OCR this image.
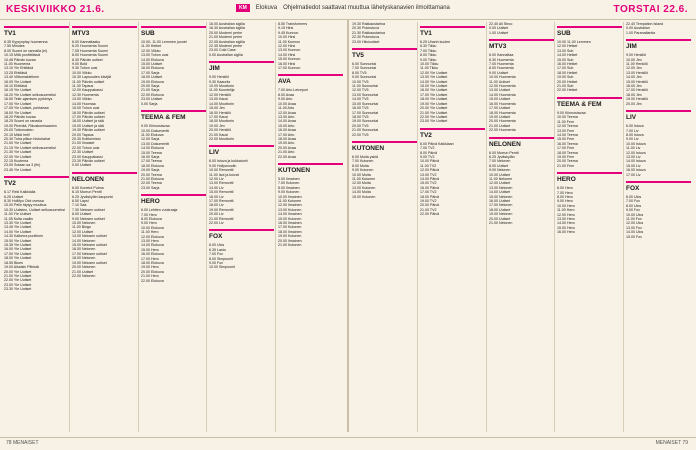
KESKIVIIKKO 21.6.	KM	Elokuva Ohjelmatiedot saattavat muuttua lähetyskanavien ilmoittamana	TORSTAI 22.6.
TV1
6.35 Kyyrynplay huomenna
7.55 Minutes
8.00 Suomi on rannalla (ei)
10.15 Mitä ponttitöissä
10.48 Päivän kuvaa
11.00 Huomenta
13.10 Yle Ehtitäsä
13.25 Ehtitäsä
13.40 Viittomakielinen
16.05 Yle Uutiset
16.10 Ehtitäsä
16.15 Yle Uutiset
16.20 Yle Uutiset selkosuomeksi
16.50 Tekir-ajamisen pyrkimys
17.00 Yle Uutiset
17.05 Yle Uutiset, puhtaissa
18.00 Yle Uutiset
18.20 Päivän kuvaa
18.25 Suomi on ranasla
19.00 Pirenää, Rikoskomisaarion
20.00 Tottumusten
20.15 Mikki heti!
20.30 Tuha pilkun historiahat
21.00 Yle Uutiset
21.15 Yle Uutiset selkosuomeksi
21.30 Yle Uutiset
22.00 Yle Uutiset
22.15 Kuolema
23.00 Sotaan sa 3 (fin)
23.45 Yle Uutiset
TV2
6.17 Reki Kaikkialla
6.25 Uutiset
8.30 Hollifyo Olot ovessa
10.00 Pelin täytyy muuttua
10.30 Uutisten, Uutiset selkosuomeksi
11.00 Yle Uutiset
11.05 Kulta vaaliin
13.30 Yle Uutiset
13.45 Yle Uutiset
14.00 Yle Uutiset
14.30 Kalkerra puuttinen
15.00 Yle Uutiset
15.35 Yle Uutiset
16.00 Yle Uutiset
17.00 Yle Uutiset
18.00 Yle Uutiset
18.55 Blues
19.00 Aikaisin Pitkistä
20.00 Yle Uutiset
21.00 Yle Uutiset
22.00 Yle Uutiset
23.00 Yle Uutiset
23.30 Yle Uutiset
MTV3
6.00 Kannattaako
6.20 Huomenta Suomi
7.05 Huomenta Suomi
8.00 Huomenta Suomi
8.30 Päivän uutiset
9.00 Bold
9.30 Tohon uusi
10.00 Viikko
10.30 Lapsuuden kävijät
11.00 Päivän uutiset
11.30 Tapaus
12.00 Kauppakassi
12.30 Huomenta
13.00 Viikko
14.00 Huomaa
15.00 Tohon uusi
16.00 Päivän uutiset
17.00 Päivän uutiset
18.00 Uutiset ja sää
19.00 Uutiset ja sää
19.30 Päivän uutiset
20.00 Tapaus
20.30 Kotitoimisto
21.00 Ilmaiset
22.00 Tohon uusi
22.30 Uutiset
23.00 Kauppakassi
23.30 Päivän uutiset
0.00 Uutiset
NELONEN
6.00 Konetut Pulma
6.15 Murrun Pentti
6.25 Jyväskylän kaupunki
6.50 Lapsi
7.10 Saa
7.30 Nelosen uutiset
8.00 Uutiset
9.00 Nelosen uutiset
10.00 Nelonen
11.00 Bingo
12.00 Uutiset
13.00 Nelosen uutiset
14.00 Nelonen
15.00 Nelosen uutiset
16.00 Nelonen
17.00 Nelosen uutiset
18.00 Nelonen
19.00 Nelosen uutiset
20.00 Nelonen
21.00 Uutiset
22.00 Nelonen
SUB
10.00- 11.00 Lemmen juonet
11.00 Hetket
12.00 Viikko
13.00 Tohon uusi
14.00 Elokuva
15.00 Uutiset
16.00 Elokuva
17.00 Sarja
18.00 Uutiset
19.00 Elokuva
20.00 Sarja
21.00 Sarja
22.00 Elokuva
23.00 Uutiset
0.00 Sarja
TEEMA & FEM
9.00 Kiinnostavaa
10.00 Dokumentti
11.00 Elokuva
12.00 Sarja
13.00 Dokumentti
14.00 Elokuva
15.00 Teema
16.00 Sarja
17.00 Teema
18.00 Elokuva
19.00 Sarja
20.00 Teema
21.00 Elokuva
22.00 Teema
23.00 Sarja
HERO
6.00 Lehtien vuokraaja
7.00 Hero
8.00 Elokuva
9.00 Hero
10.00 Elokuva
11.00 Hero
12.00 Elokuva
13.00 Hero
14.00 Elokuva
15.00 Hero
16.00 Elokuva
17.00 Hero
18.00 Elokuva
19.00 Hero
20.00 Elokuva
21.00 Hero
22.00 Elokuva
16.00 Australian sigilia
16.30 Australian sigilia
20.00 Moderni perhe
21.00 Moderni perhe
22.05 Australian sigilia
22.35 Moderni perhe
23.00 Cold Case
0.00 Australian sigilia
JIM
9.00 Henkilö
9.30 Kaaurlia
10.00 Moottorin
11.00 Kuuntelija
12.00 Henkilö
13.00 Kausi
14.00 Moottorin
15.00 Jim
16.00 Henkilö
17.00 Kausi
18.00 Moottorin
19.00 Jim
20.00 Henkilö
21.00 Kausi
22.00 Moottorin
LIV
6.00 Istuva ja kukkaturhi
9.00 Hollywoodin
10.00 Remontti
11.00 Isot ja kuivat
12.00 Liv
13.00 Remontti
14.00 Liv
15.00 Remontti
16.00 Liv
17.00 Remontti
18.00 Liv
19.00 Remontti
20.00 Liv
21.00 Remontti
22.00 Liv
FOX
6.00 Ulos
6.35 Lastu
7.00 Fox
8.00 Simpsonit
9.00 Fox
10.00 Simpsonit
8.50 Transformers
9.15 Hirsi
9.45 Kunnon
10.00 Hirsi
11.00 Kunnon
12.00 Hirsi
13.00 Kunnon
14.00 Hirsi
15.00 Kunnon
16.00 Hirsi
17.00 Kunnon
AVA
7.00 Arto Leicepuri
8.00 Avaa
9.00 Arto
10.00 Avaa
11.00 Arto
12.00 Avaa
13.00 Arto
14.00 Avaa
15.00 Arto
16.00 Avaa
17.00 Arto
18.00 Avaa
19.00 Arto
20.00 Avaa
21.00 Arto
22.00 Avaa
KUTONEN
5.00 Ilmainen
7.00 Kutonen
8.00 Ilmainen
9.00 Kutonen
10.00 Ilmainen
11.00 Kutonen
12.00 Ilmainen
13.00 Kutonen
14.00 Ilmainen
15.00 Kutonen
16.00 Ilmainen
17.00 Kutonen
18.00 Ilmainen
19.00 Kutonen
20.00 Ilmainen
21.00 Kutonen
19.30 Rakkaustarina
20.30 Pukeutuva
21.30 Rakkaustarina
22.30 Pukeutuva
23.00 Hiisiuutiset
TV5
6.00 Sonnuntai
7.00 Sunnuntai
8.00 TV5
9.00 Sunnuntai
10.00 TV5
11.00 Sunnuntai
12.00 TV5
13.00 Sunnuntai
14.00 TV5
15.00 Sunnuntai
16.00 TV5
17.00 Sunnuntai
18.00 TV5
19.00 Sunnuntai
20.00 TV5
21.00 Sunnuntai
22.00 TV5
KUTONEN
6.00 Muita yskiä
7.00 Kutonen
8.00 Muita
9.00 Kutonen
10.00 Muita
11.00 Kutonen
12.00 Muita
13.00 Kutonen
14.00 Muita
15.00 Kutonen
TV1
6.25 Uhanh kuulee
6.30 Tikku
7.00 Tikku
8.00 Tikku
9.00 Tikku
10.00 Tikku
11.00 Tikku
12.00 Yle Uutiset
13.00 Yle Uutiset
14.00 Yle Uutiset
15.00 Yle Uutiset
16.00 Yle Uutiset
17.00 Yle Uutiset
18.00 Yle Uutiset
19.00 Yle Uutiset
20.00 Yle Uutiset
21.00 Yle Uutiset
22.00 Yle Uutiset
23.00 Yle Uutiset
TV2
6.00 Päivä Kaikkiaan
7.00 TV2
8.00 Päivä
9.00 TV2
10.00 Päivä
11.00 TV2
12.00 Päivä
13.00 TV2
14.00 Päivä
15.00 TV2
16.00 Päivä
17.00 TV2
18.00 Päivä
19.00 TV2
20.00 Päivä
21.00 TV2
22.00 Päivä
22.40 All Stroo
0.00 Uutiset
1.00 Uutiset
MTV3
6.00 Kannattaa
6.30 Huomenta
7.00 Huomenta
8.00 Huomenta
9.00 Uutiset
10.00 Huomenta
11.00 Uutiset
12.00 Huomenta
13.00 Uutiset
14.00 Huomenta
15.00 Uutiset
16.00 Huomenta
17.00 Uutiset
18.00 Huomenta
19.00 Uutiset
20.00 Huomenta
21.00 Uutiset
22.00 Huomenta
NELONEN
6.00 Murrun Pentti
6.25 Jyväskylän
7.00 Nelonen
8.00 Uutiset
9.00 Nelonen
10.00 Uutiset
11.00 Nelonen
12.00 Uutiset
13.00 Nelonen
14.00 Uutiset
15.00 Nelonen
16.00 Uutiset
17.00 Nelonen
18.00 Uutiset
19.00 Nelonen
20.00 Uutiset
21.00 Nelonen
SUB
10.00 11.00 Lemmen
12.00 Hetket
13.00 Sub
14.00 Hetket
15.00 Sub
16.00 Hetket
17.00 Sub
18.00 Hetket
19.00 Sub
20.00 Hetket
21.00 Sub
22.00 Hetket
TEEMA & FEM
9.00 Kiinnostavaa
10.00 Teema
11.00 Fem
12.00 Teema
13.00 Fem
14.00 Teema
15.00 Fem
16.00 Teema
17.00 Fem
18.00 Teema
19.00 Fem
20.00 Teema
21.00 Fem
HERO
6.00 Hero
7.00 Hero
8.00 Hero
9.00 Hero
10.00 Hero
11.00 Hero
12.00 Hero
13.00 Hero
14.00 Hero
15.00 Hero
16.00 Hero
22.40 Tempation Island
0.00 Australian
1.00 Paranatlantia
JIM
9.00 Henkilö
10.00 Jim
11.00 Henkilö
12.00 Jim
13.00 Henkilö
14.00 Jim
15.00 Henkilö
16.00 Jim
17.00 Henkilö
18.00 Jim
19.00 Henkilö
20.00 Jim
LIV
6.00 Istuva
7.00 Liv
8.00 Istuva
9.00 Liv
10.00 Istuva
11.00 Liv
12.00 Istuva
13.00 Liv
14.00 Istuva
15.00 Liv
16.00 Istuva
17.00 Liv
FOX
6.00 Ulos
7.00 Fox
8.00 Ulos
9.00 Fox
10.00 Ulos
11.00 Fox
12.00 Ulos
13.00 Fox
14.00 Ulos
15.00 Fox
78 MENAISET	MENAISET 79
